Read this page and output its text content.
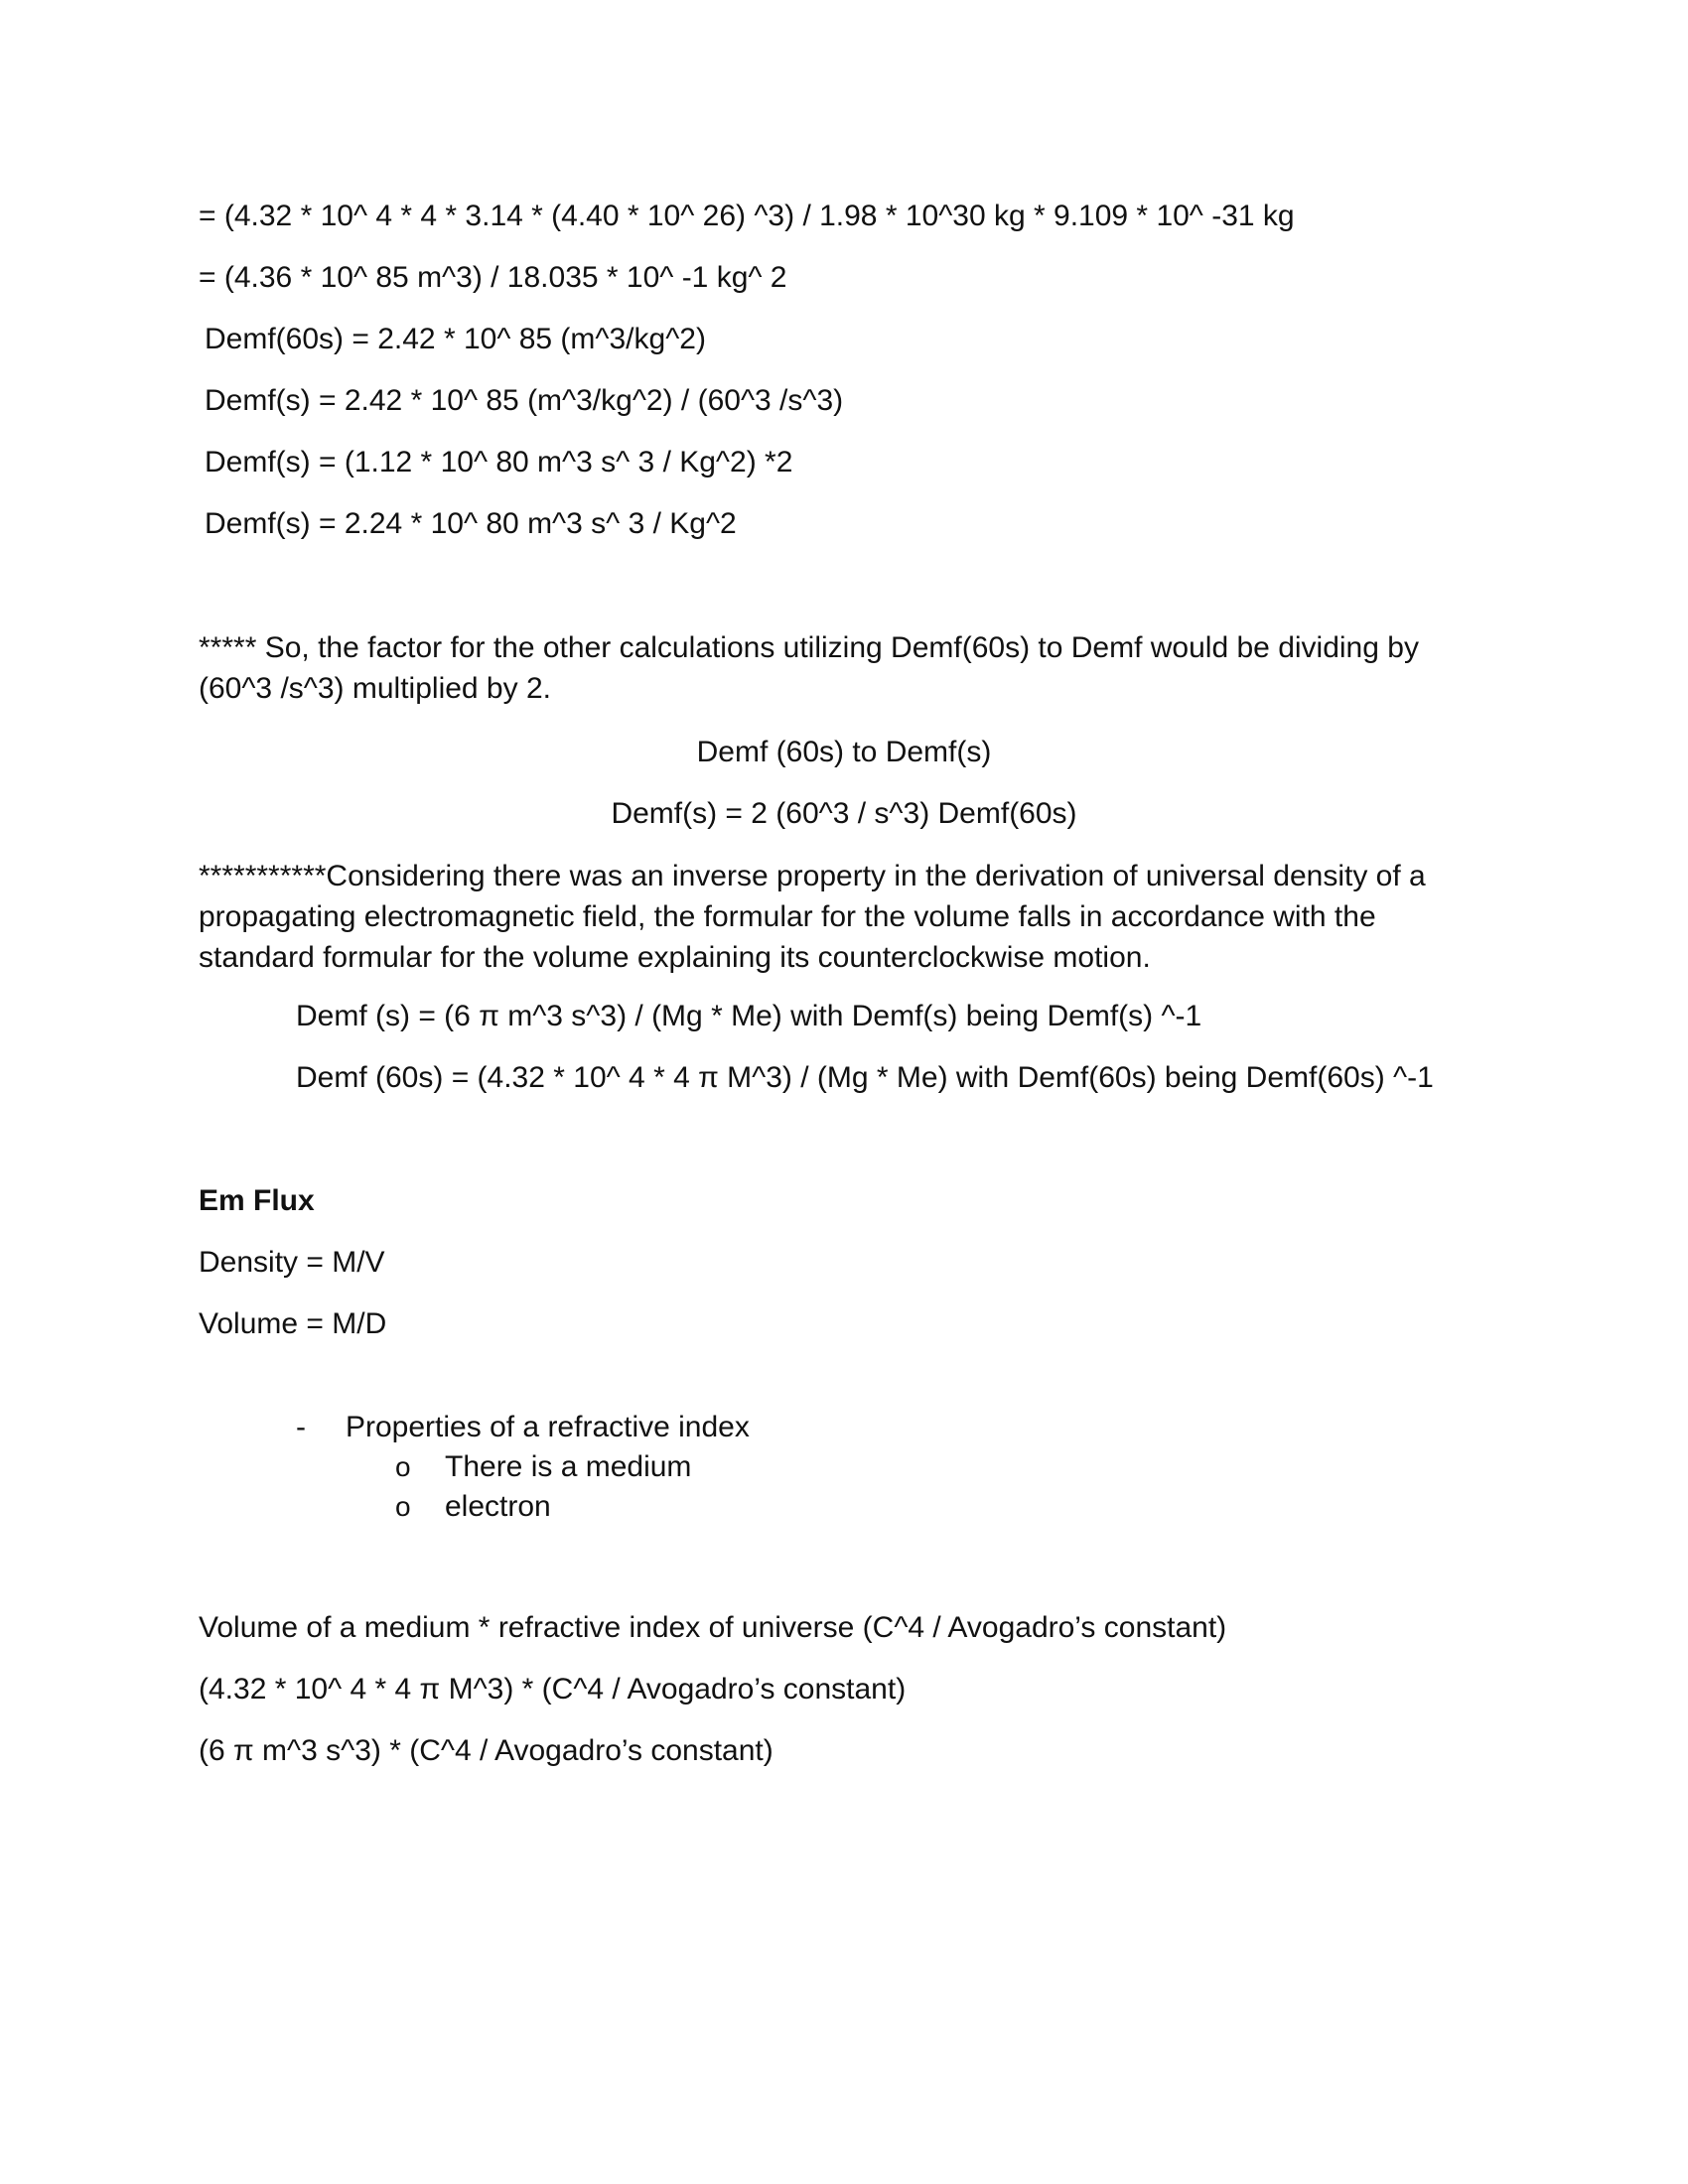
= (4.32 * 10^ 4 * 4 * 3.14 * (4.40 * 10^ 26) ^3) / 1.98 * 10^30 kg * 9.109 * 10^ -31 kg
= (4.36 * 10^ 85 m^3) / 18.035 * 10^ -1 kg^ 2
Demf(60s) = 2.42 * 10^ 85 (m^3/kg^2)
Demf(s) = 2.42 * 10^ 85 (m^3/kg^2) / (60^3 /s^3)
Demf(s) = (1.12 * 10^ 80 m^3 s^ 3 / Kg^2) *2
Demf(s) = 2.24 * 10^ 80 m^3 s^ 3 / Kg^2
***** So, the factor for the other calculations utilizing Demf(60s) to Demf would be dividing by (60^3 /s^3) multiplied by 2.
Demf (60s) to Demf(s)
Demf(s) = 2 (60^3 / s^3) Demf(60s)
***********Considering there was an inverse property in the derivation of universal density of a propagating electromagnetic field, the formular for the volume falls in accordance with the standard formular for the volume explaining its counterclockwise motion.
Demf (s) = (6 π m^3 s^3) / (Mg * Me) with Demf(s) being Demf(s) ^-1
Demf (60s) = (4.32 * 10^ 4 * 4 π M^3) / (Mg * Me) with Demf(60s) being Demf(60s) ^-1
Em Flux
Density = M/V
Volume = M/D
- Properties of a refractive index
o There is a medium
o electron
Volume of a medium * refractive index of universe (C^4 / Avogadro’s constant)
(4.32 * 10^ 4 * 4 π M^3) * (C^4 / Avogadro’s constant)
(6 π m^3 s^3) * (C^4 / Avogadro’s constant)
